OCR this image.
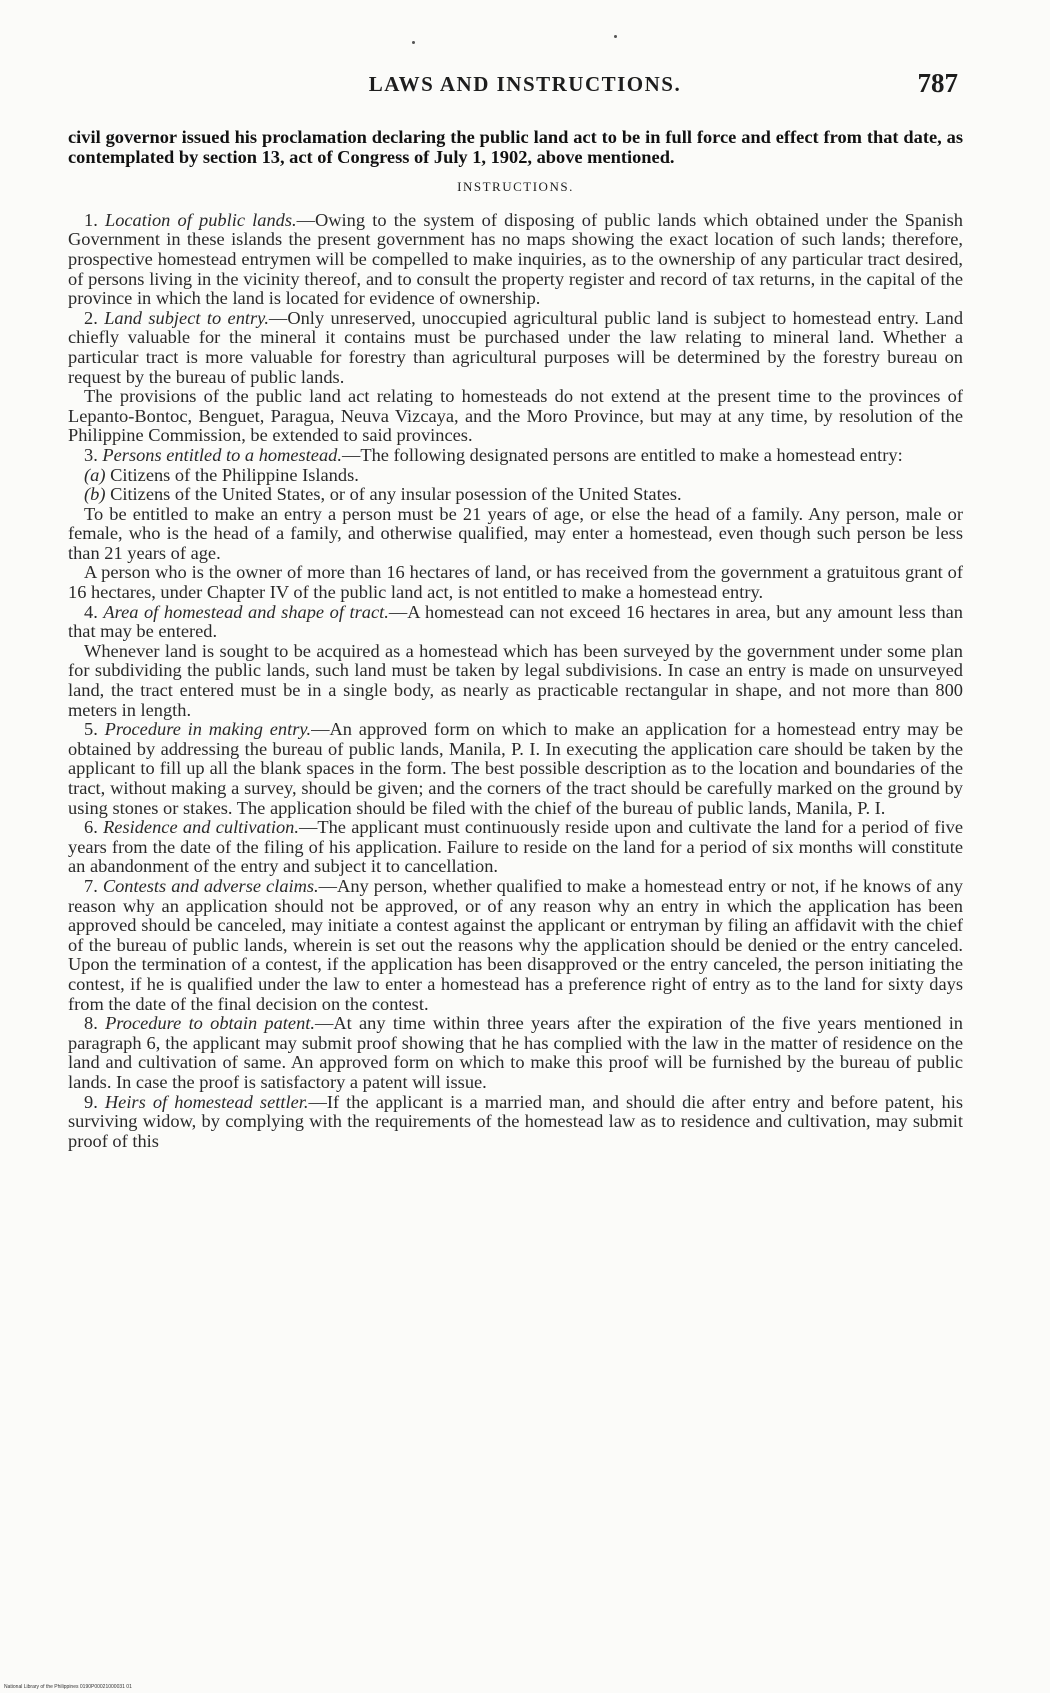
LAWS AND INSTRUCTIONS.	787

civil governor issued his proclamation declaring the public land act to be in full force and effect from that date, as contemplated by section 13, act of Congress of July 1, 1902, above mentioned.

INSTRUCTIONS.

1. Location of public lands.—Owing to the system of disposing of public lands which obtained under the Spanish Government in these islands the present government has no maps showing the exact location of such lands; therefore, prospective homestead entrymen will be compelled to make inquiries, as to the ownership of any particular tract desired, of persons living in the vicinity thereof, and to consult the property register and record of tax returns, in the capital of the province in which the land is located for evidence of ownership.

2. Land subject to entry.—Only unreserved, unoccupied agricultural public land is subject to homestead entry. Land chiefly valuable for the mineral it contains must be purchased under the law relating to mineral land. Whether a particular tract is more valuable for forestry than agricultural purposes will be determined by the forestry bureau on request by the bureau of public lands.

The provisions of the public land act relating to homesteads do not extend at the present time to the provinces of Lepanto-Bontoc, Benguet, Paragua, Neuva Vizcaya, and the Moro Province, but may at any time, by resolution of the Philippine Commission, be extended to said provinces.

3. Persons entitled to a homestead.—The following designated persons are entitled to make a homestead entry:

(a) Citizens of the Philippine Islands.

(b) Citizens of the United States, or of any insular posession of the United States.

To be entitled to make an entry a person must be 21 years of age, or else the head of a family. Any person, male or female, who is the head of a family, and otherwise qualified, may enter a homestead, even though such person be less than 21 years of age.

A person who is the owner of more than 16 hectares of land, or has received from the government a gratuitous grant of 16 hectares, under Chapter IV of the public land act, is not entitled to make a homestead entry.

4. Area of homestead and shape of tract.—A homestead can not exceed 16 hectares in area, but any amount less than that may be entered.

Whenever land is sought to be acquired as a homestead which has been surveyed by the government under some plan for subdividing the public lands, such land must be taken by legal subdivisions. In case an entry is made on unsurveyed land, the tract entered must be in a single body, as nearly as practicable rectangular in shape, and not more than 800 meters in length.

5. Procedure in making entry.—An approved form on which to make an application for a homestead entry may be obtained by addressing the bureau of public lands, Manila, P. I. In executing the application care should be taken by the applicant to fill up all the blank spaces in the form. The best possible description as to the location and boundaries of the tract, without making a survey, should be given; and the corners of the tract should be carefully marked on the ground by using stones or stakes. The application should be filed with the chief of the bureau of public lands, Manila, P. I.

6. Residence and cultivation.—The applicant must continuously reside upon and cultivate the land for a period of five years from the date of the filing of his application. Failure to reside on the land for a period of six months will constitute an abandonment of the entry and subject it to cancellation.

7. Contests and adverse claims.—Any person, whether qualified to make a homestead entry or not, if he knows of any reason why an application should not be approved, or of any reason why an entry in which the application has been approved should be canceled, may initiate a contest against the applicant or entryman by filing an affidavit with the chief of the bureau of public lands, wherein is set out the reasons why the application should be denied or the entry canceled. Upon the termination of a contest, if the application has been disapproved or the entry canceled, the person initiating the contest, if he is qualified under the law to enter a homestead has a preference right of entry as to the land for sixty days from the date of the final decision on the contest.

8. Procedure to obtain patent.—At any time within three years after the expiration of the five years mentioned in paragraph 6, the applicant may submit proof showing that he has complied with the law in the matter of residence on the land and cultivation of same. An approved form on which to make this proof will be furnished by the bureau of public lands. In case the proof is satisfactory a patent will issue.

9. Heirs of homestead settler.—If the applicant is a married man, and should die after entry and before patent, his surviving widow, by complying with the requirements of the homestead law as to residence and cultivation, may submit proof of this

National Library of the Philippines 0190P00021000031 01
